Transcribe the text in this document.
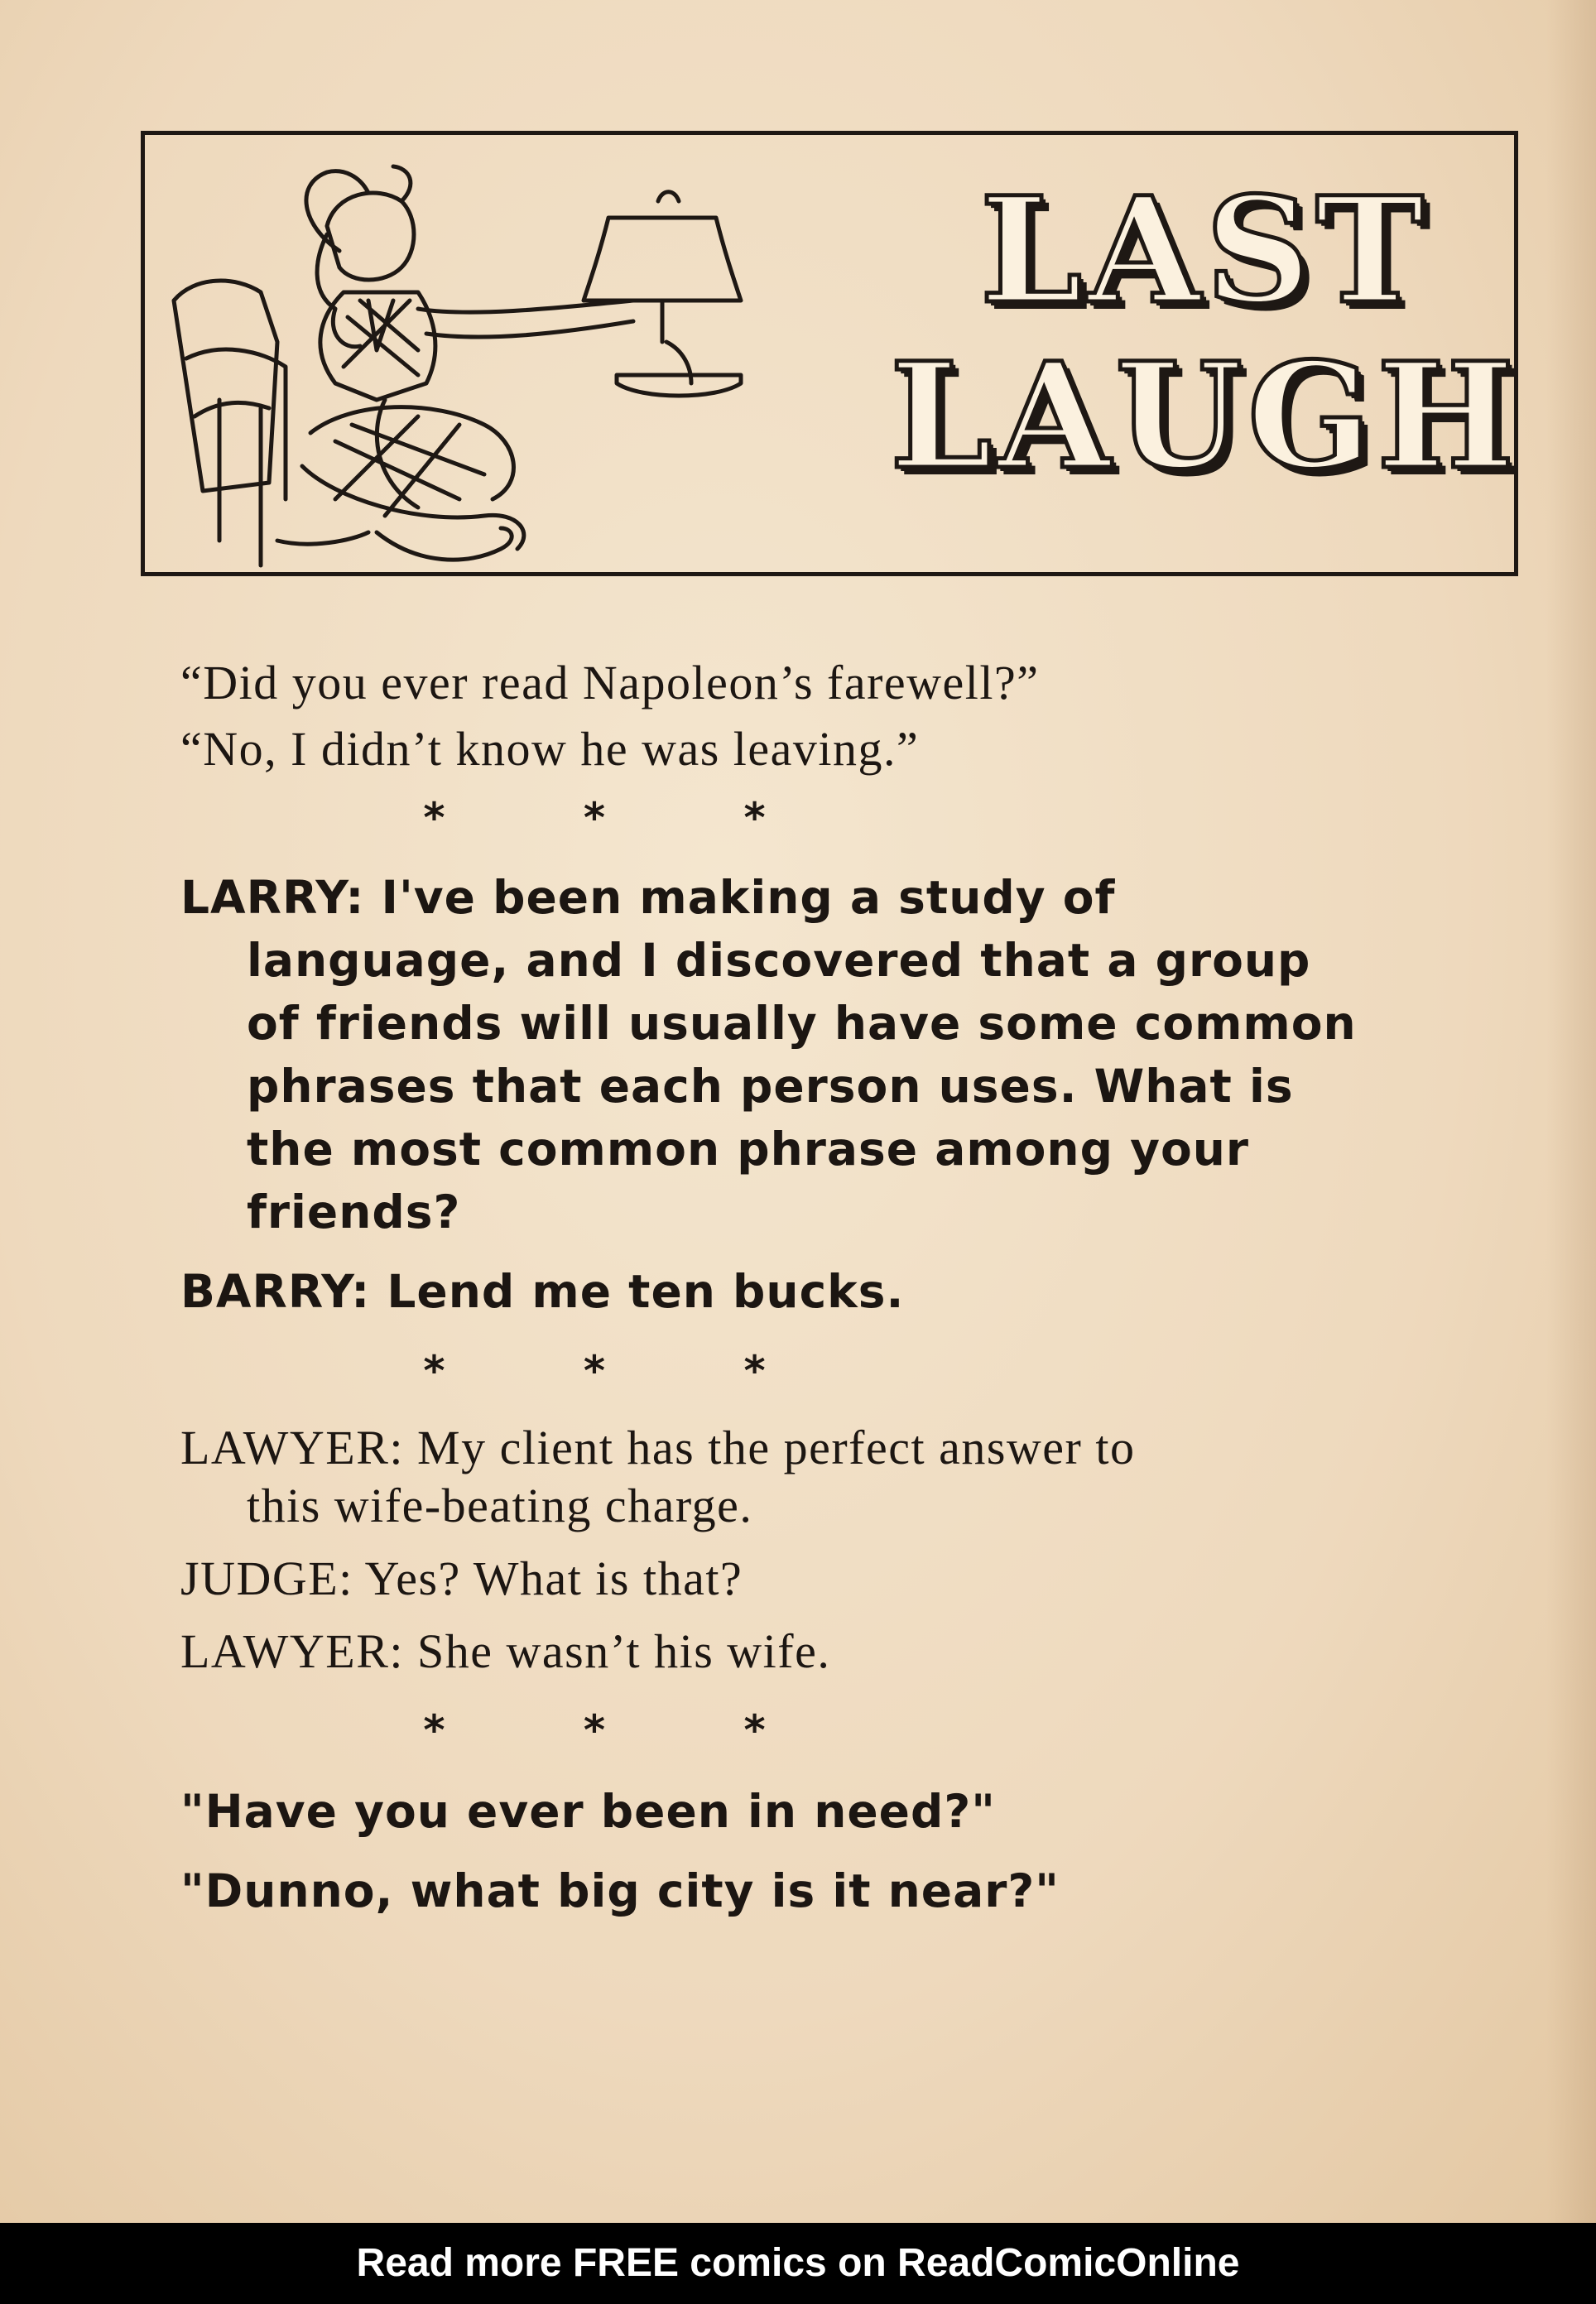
LAST
LAUGH
“Did you ever read Napoleon’s farewell?”
“No, I didn’t know he was leaving.”
* * *
LARRY: I've been making a study of
language, and I discovered that a group
of friends will usually have some common
phrases that each person uses. What is
the most common phrase among your
friends?
BARRY: Lend me ten bucks.
* * *
LAWYER: My client has the perfect answer to
this wife-beating charge.
JUDGE: Yes? What is that?
LAWYER: She wasn’t his wife.
* * *
"Have you ever been in need?"
"Dunno, what big city is it near?"
Read more FREE comics on ReadComicOnline
